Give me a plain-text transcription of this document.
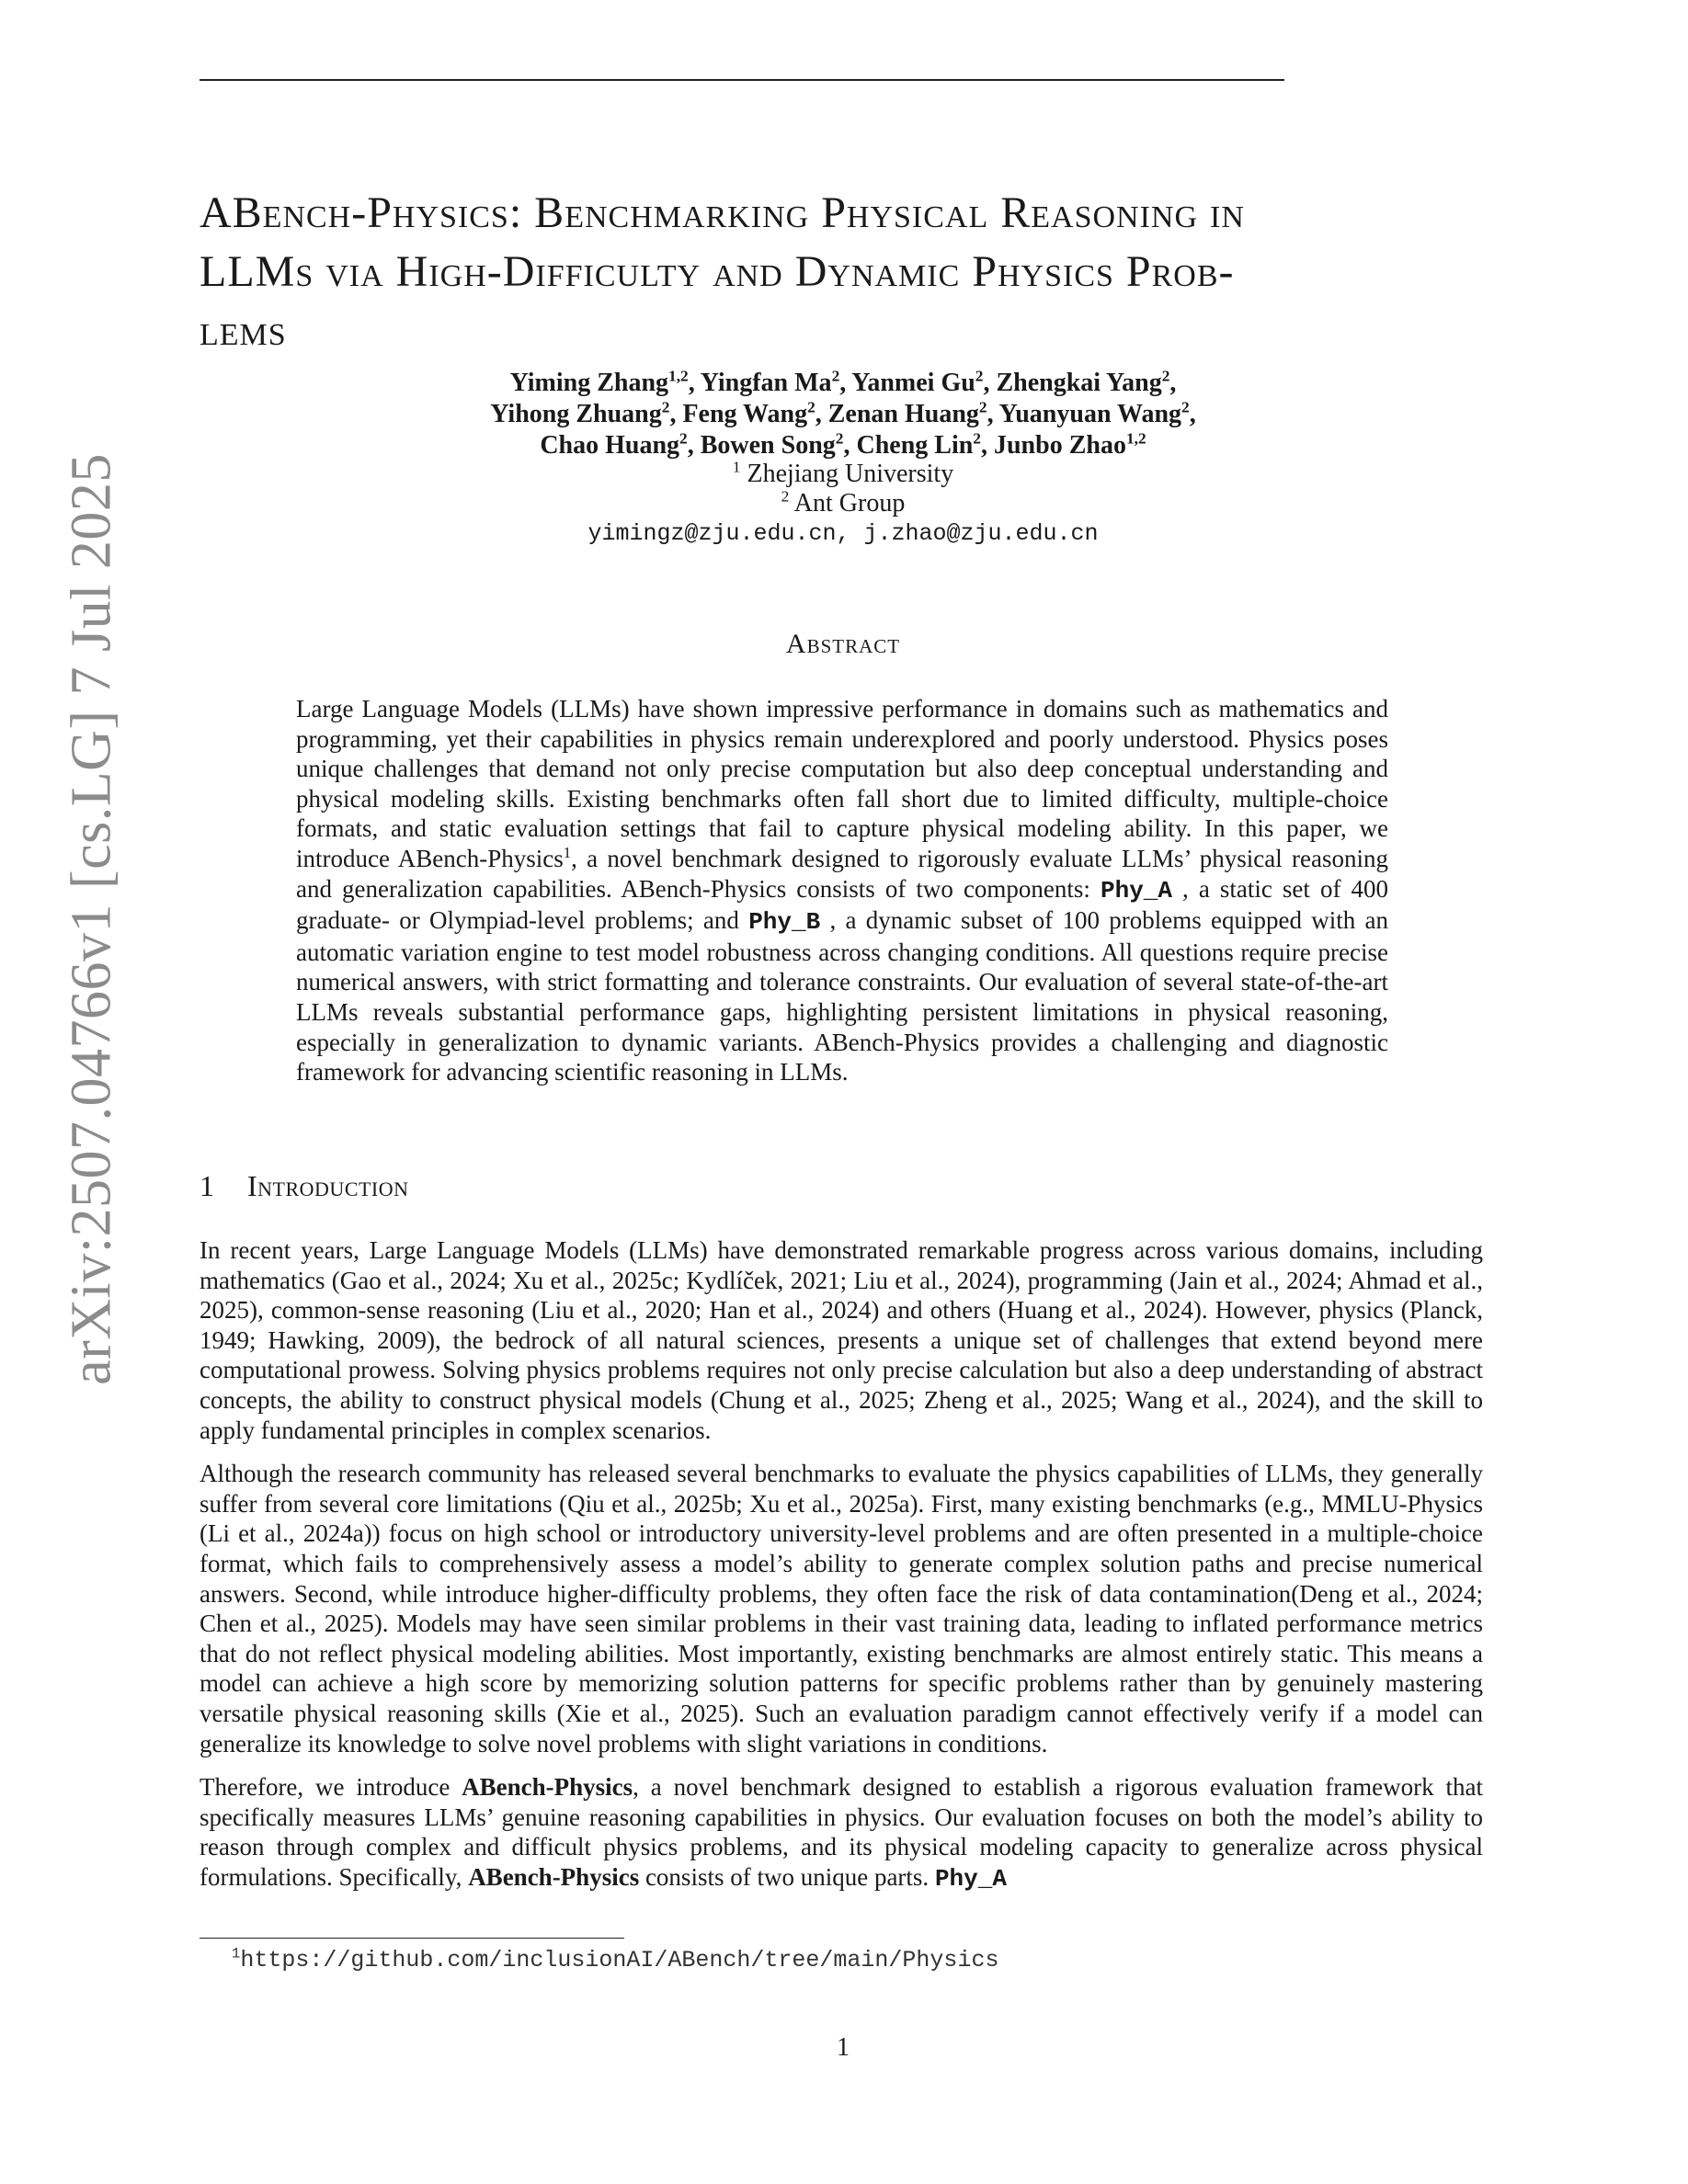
arXiv:2507.04766v1 [cs.LG] 7 Jul 2025
ABench-Physics: Benchmarking Physical Reasoning in
LLMs via High-Difficulty and Dynamic Physics Prob-
lems
Yiming Zhang$^{1,2}$, Yingfan Ma$^2$, Yanmei Gu$^2$, Zhengkai Yang$^2$,
Yihong Zhuang$^2$, Feng Wang$^2$, Zenan Huang$^2$, Yuanyuan Wang$^2$,
Chao Huang$^2$, Bowen Song$^2$, Cheng Lin$^2$, Junbo Zhao$^{1,2}$
$^1$ Zhejiang University
$^2$ Ant Group
yimingz@zju.edu.cn, j.zhao@zju.edu.cn
Abstract

Large Language Models (LLMs) have shown impressive performance in domains such as mathematics and programming, yet their capabilities in physics remain underexplored and poorly understood. Physics poses unique challenges that demand not only precise computation but also deep conceptual understanding and physical modeling skills. Existing benchmarks often fall short due to limited difficulty, multiple-choice formats, and static evaluation settings that fail to capture physical modeling ability. In this paper, we introduce ABench-Physics$^1$, a novel benchmark designed to rigorously evaluate LLMs’ physical reasoning and generalization capabilities. ABench-Physics consists of two components: Phy_A , a static set of 400 graduate- or Olympiad-level problems; and Phy_B , a dynamic subset of 100 problems equipped with an automatic variation engine to test model robustness across changing conditions. All questions require precise numerical answers, with strict formatting and tolerance constraints. Our evaluation of several state-of-the-art LLMs reveals substantial performance gaps, highlighting persistent limitations in physical reasoning, especially in generalization to dynamic variants. ABench-Physics provides a challenging and diagnostic framework for advancing scientific reasoning in LLMs.

1 Introduction

In recent years, Large Language Models (LLMs) have demonstrated remarkable progress across various domains, including mathematics (Gao et al., 2024; Xu et al., 2025c; Kydlíček, 2021; Liu et al., 2024), programming (Jain et al., 2024; Ahmad et al., 2025), common-sense reasoning (Liu et al., 2020; Han et al., 2024) and others (Huang et al., 2024). However, physics (Planck, 1949; Hawking, 2009), the bedrock of all natural sciences, presents a unique set of challenges that extend beyond mere computational prowess. Solving physics problems requires not only precise calculation but also a deep understanding of abstract concepts, the ability to construct physical models (Chung et al., 2025; Zheng et al., 2025; Wang et al., 2024), and the skill to apply fundamental principles in complex scenarios.

Although the research community has released several benchmarks to evaluate the physics capabilities of LLMs, they generally suffer from several core limitations (Qiu et al., 2025b; Xu et al., 2025a). First, many existing benchmarks (e.g., MMLU-Physics (Li et al., 2024a)) focus on high school or introductory university-level problems and are often presented in a multiple-choice format, which fails to comprehensively assess a model’s ability to generate complex solution paths and precise numerical answers. Second, while introduce higher-difficulty problems, they often face the risk of data contamination(Deng et al., 2024; Chen et al., 2025). Models may have seen similar problems in their vast training data, leading to inflated performance metrics that do not reflect physical modeling abilities. Most importantly, existing benchmarks are almost entirely static. This means a model can achieve a high score by memorizing solution patterns for specific problems rather than by genuinely mastering versatile physical reasoning skills (Xie et al., 2025). Such an evaluation paradigm cannot effectively verify if a model can generalize its knowledge to solve novel problems with slight variations in conditions.

Therefore, we introduce ABench-Physics, a novel benchmark designed to establish a rigorous evaluation framework that specifically measures LLMs’ genuine reasoning capabilities in physics. Our evaluation focuses on both the model’s ability to reason through complex and difficult physics problems, and its physical modeling capacity to generalize across physical formulations. Specifically, ABench-Physics consists of two unique parts. Phy_A

$^1$https://github.com/inclusionAI/ABench/tree/main/Physics
1
